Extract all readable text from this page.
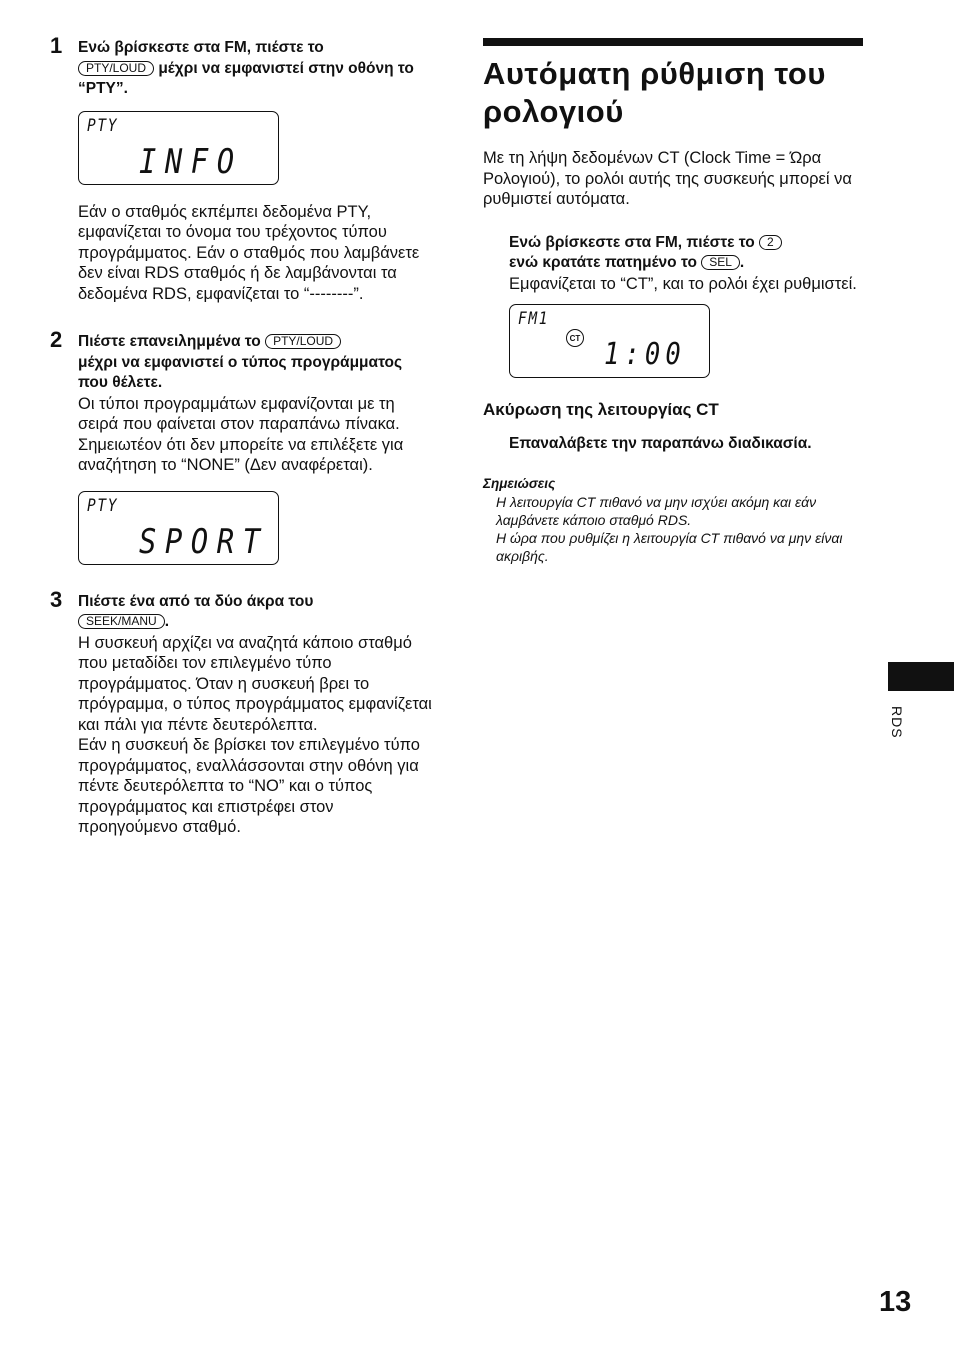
1 Ενώ βρίσκεστε στα FM, πιέστε το
PTY/LOUD μέχρι να εμφανιστεί στην οθόνη το “PTY”.
PTY
INFO
Εάν ο σταθμός εκπέμπει δεδομένα PTY, εμφανίζεται το όνομα του τρέχοντος τύπου προγράμματος. Εάν ο σταθμός που λαμβάνετε δεν είναι RDS σταθμός ή δε λαμβάνονται τα δεδομένα RDS, εμφανίζεται το “--------”.
2 Πιέστε επανειλημμένα το PTY/LOUD
μέχρι να εμφανιστεί ο τύπος προγράμματος που θέλετε.
Οι τύποι προγραμμάτων εμφανίζονται με τη σειρά που φαίνεται στον παραπάνω πίνακα. Σημειωτέον ότι δεν μπορείτε να επιλέξετε για αναζήτηση το “NONE” (Δεν αναφέρεται).
PTY
SPORT
3 Πιέστε ένα από τα δύο άκρα του
SEEK/MANU .
Η συσκευή αρχίζει να αναζητά κάποιο σταθμό που μεταδίδει τον επιλεγμένο τύπο προγράμματος. Όταν η συσκευή βρει το πρόγραμμα, ο τύπος προγράμματος εμφανίζεται και πάλι για πέντε δευτερόλεπτα.
Εάν η συσκευή δε βρίσκει τον επιλεγμένο τύπο προγράμματος, εναλλάσσονται στην οθόνη για πέντε δευτερόλεπτα το “NO” και ο τύπος προγράμματος και επιστρέφει στον προηγούμενο σταθμό.
Αυτόματη ρύθμιση του ρολογιού
Με τη λήψη δεδομένων CT (Clock Time = Ώρα Ρολογιού), το ρολόι αυτής της συσκευής μπορεί να ρυθμιστεί αυτόματα.
Ενώ βρίσκεστε στα FM, πιέστε το 2
ενώ κρατάτε πατημένο το SEL .
Εμφανίζεται το “CT”, και το ρολόι έχει ρυθμιστεί.
FM1
CT 1:00
Ακύρωση της λειτουργίας CT
Επαναλάβετε την παραπάνω διαδικασία.
Σημειώσεις
Η λειτουργία CT πιθανό να μην ισχύει ακόμη και εάν λαμβάνετε κάποιο σταθμό RDS.
Η ώρα που ρυθμίζει η λειτουργία CT πιθανό να μην είναι ακριβής.
RDS
13
